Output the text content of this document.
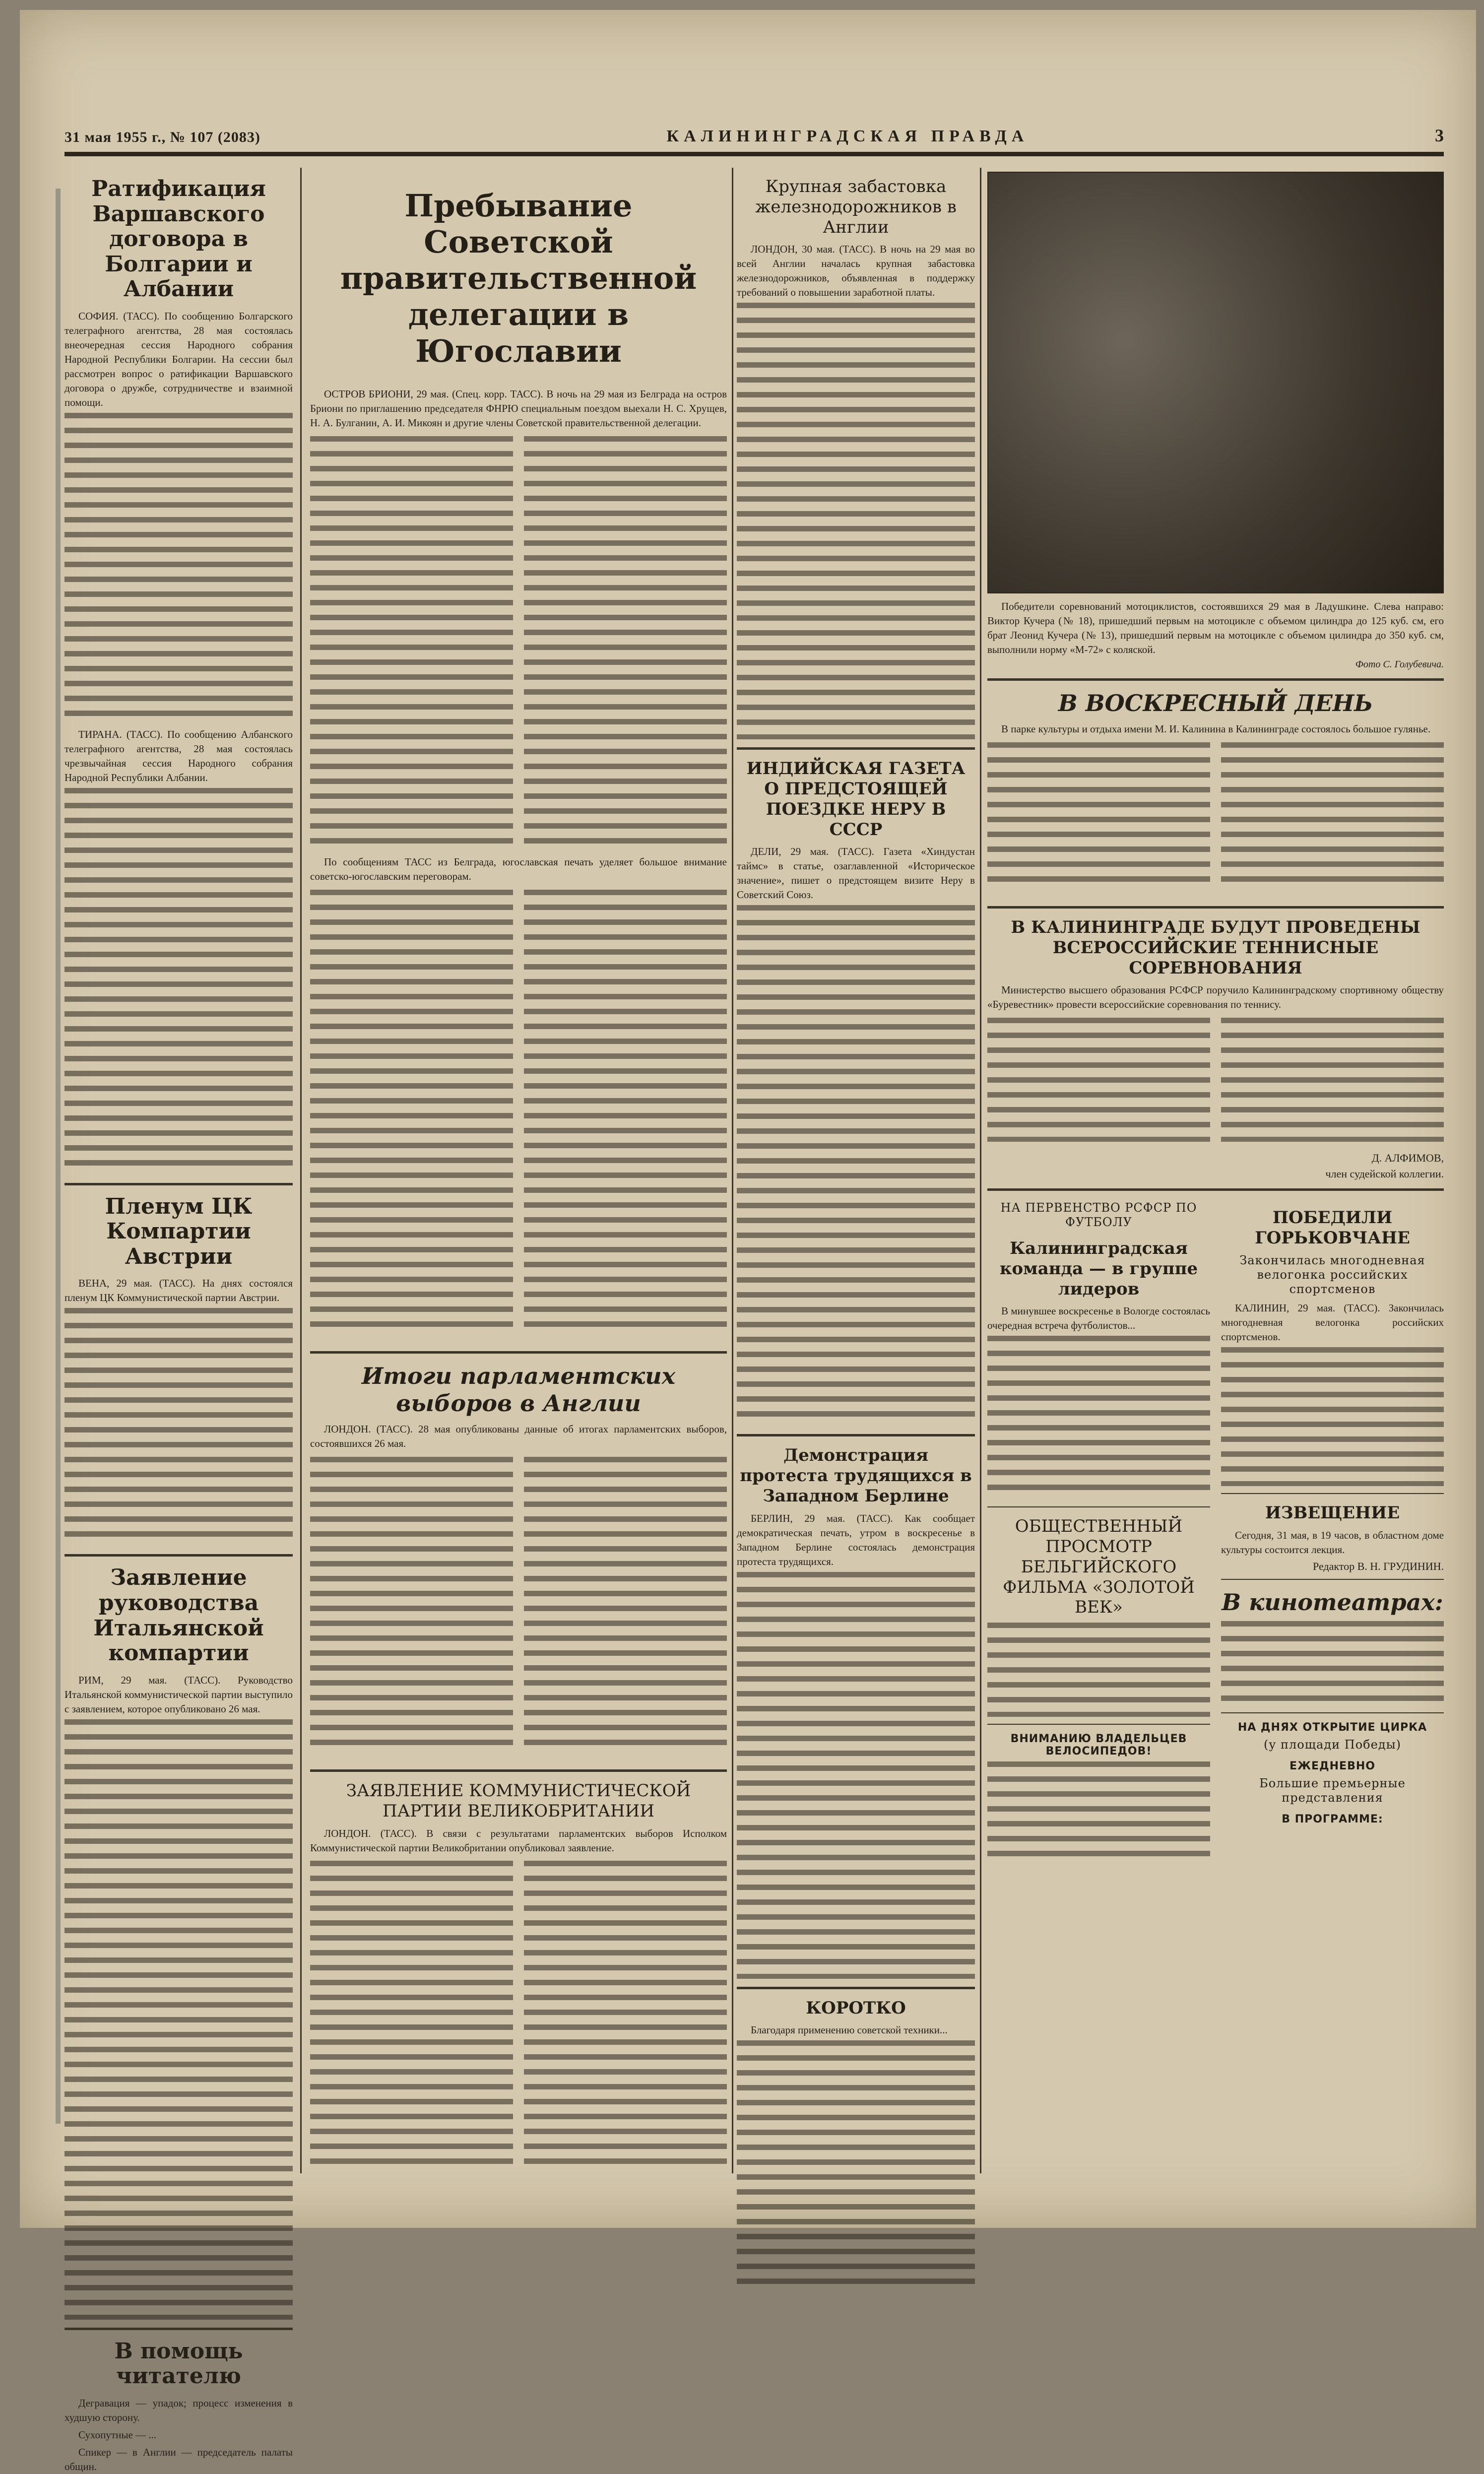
31 мая 1955 г., № 107 (2083)	КАЛИНИНГРАДСКАЯ ПРАВДА	3
Ратификация Варшавского договора в Болгарии и Албании

СОФИЯ. (ТАСС). По сообщению Болгарского телеграфного агентства, 28 мая состоялась внеочередная сессия Народного собрания Народной Республики Болгарии. На сессии был рассмотрен вопрос о ратификации Варшавского договора о дружбе, сотрудничестве и взаимной помощи.

ТИРАНА. (ТАСС). По сообщению Албанского телеграфного агентства, 28 мая состоялась чрезвычайная сессия Народного собрания Народной Республики Албании.

Пленум ЦК Компартии Австрии

ВЕНА, 29 мая. (ТАСС). На днях состоялся пленум ЦК Коммунистической партии Австрии.

Заявление руководства Итальянской компартии

РИМ, 29 мая. (ТАСС). Руководство Итальянской коммунистической партии выступило с заявлением, которое опубликовано 26 мая.

В помощь читателю

Дегравация — упадок; процесс изменения в худшую сторону.

Сухопутные — ...

Спикер — в Англии — председатель палаты общин.

Пребывание Советской правительственной делегации в Югославии

ОСТРОВ БРИОНИ, 29 мая. (Спец. корр. ТАСС). В ночь на 29 мая из Белграда на остров Бриони по приглашению председателя ФНРЮ специальным поездом выехали Н. С. Хрущев, Н. А. Булганин, А. И. Микоян и другие члены Советской правительственной делегации.

По сообщениям ТАСС из Белграда, югославская печать уделяет большое внимание советско-югославским переговорам.

Итоги парламентских выборов в Англии

ЛОНДОН. (ТАСС). 28 мая опубликованы данные об итогах парламентских выборов, состоявшихся 26 мая.

ЗАЯВЛЕНИЕ КОММУНИСТИЧЕСКОЙ ПАРТИИ ВЕЛИКОБРИТАНИИ

ЛОНДОН. (ТАСС). В связи с результатами парламентских выборов Исполком Коммунистической партии Великобритании опубликовал заявление.

Крупная забастовка железнодорожников в Англии

ЛОНДОН, 30 мая. (ТАСС). В ночь на 29 мая во всей Англии началась крупная забастовка железнодорожников, объявленная в поддержку требований о повышении заработной платы.

ИНДИЙСКАЯ ГАЗЕТА О ПРЕДСТОЯЩЕЙ ПОЕЗДКЕ НЕРУ В СССР

ДЕЛИ, 29 мая. (ТАСС). Газета «Хиндустан таймс» в статье, озаглавленной «Историческое значение», пишет о предстоящем визите Неру в Советский Союз.

Демонстрация протеста трудящихся в Западном Берлине

БЕРЛИН, 29 мая. (ТАСС). Как сообщает демократическая печать, утром в воскресенье в Западном Берлине состоялась демонстрация протеста трудящихся.

КОРОТКО

Благодаря применению советской техники...

Победители соревнований мотоциклистов, состоявшихся 29 мая в Ладушкине. Слева направо: Виктор Кучера (№ 18), пришедший первым на мотоцикле с объемом цилиндра до 125 куб. см, его брат Леонид Кучера (№ 13), пришедший первым на мотоцикле с объемом цилиндра до 350 куб. см, выполнили норму «М-72» с коляской.

Фото С. Голубевича.

В ВОСКРЕСНЫЙ ДЕНЬ

В парке культуры и отдыха имени М. И. Калинина в Калининграде состоялось большое гулянье.

В КАЛИНИНГРАДЕ БУДУТ ПРОВЕДЕНЫ ВСЕРОССИЙСКИЕ ТЕННИСНЫЕ СОРЕВНОВАНИЯ

Министерство высшего образования РСФСР поручило Калининградскому спортивному обществу «Буревестник» провести всероссийские соревнования по теннису.

Д. АЛФИМОВ,

член судейской коллегии.

НА ПЕРВЕНСТВО РСФСР ПО ФУТБОЛУ
Калининградская команда — в группе лидеров

В минувшее воскресенье в Вологде состоялась очередная встреча футболистов...

ОБЩЕСТВЕННЫЙ ПРОСМОТР БЕЛЬГИЙСКОГО ФИЛЬМА «ЗОЛОТОЙ ВЕК»
ВНИМАНИЮ ВЛАДЕЛЬЦЕВ ВЕЛОСИПЕДОВ!
ПОБЕДИЛИ ГОРЬКОВЧАНЕ
Закончилась многодневная велогонка российских спортсменов

КАЛИНИН, 29 мая. (ТАСС). Закончилась многодневная велогонка российских спортсменов.

ИЗВЕЩЕНИЕ

Сегодня, 31 мая, в 19 часов, в областном доме культуры состоится лекция.

Редактор В. Н. ГРУДИНИН.

В кинотеатрах:
НА ДНЯХ ОТКРЫТИЕ ЦИРКА
(у площади Победы)
ЕЖЕДНЕВНО
Большие премьерные представления
В ПРОГРАММЕ:
